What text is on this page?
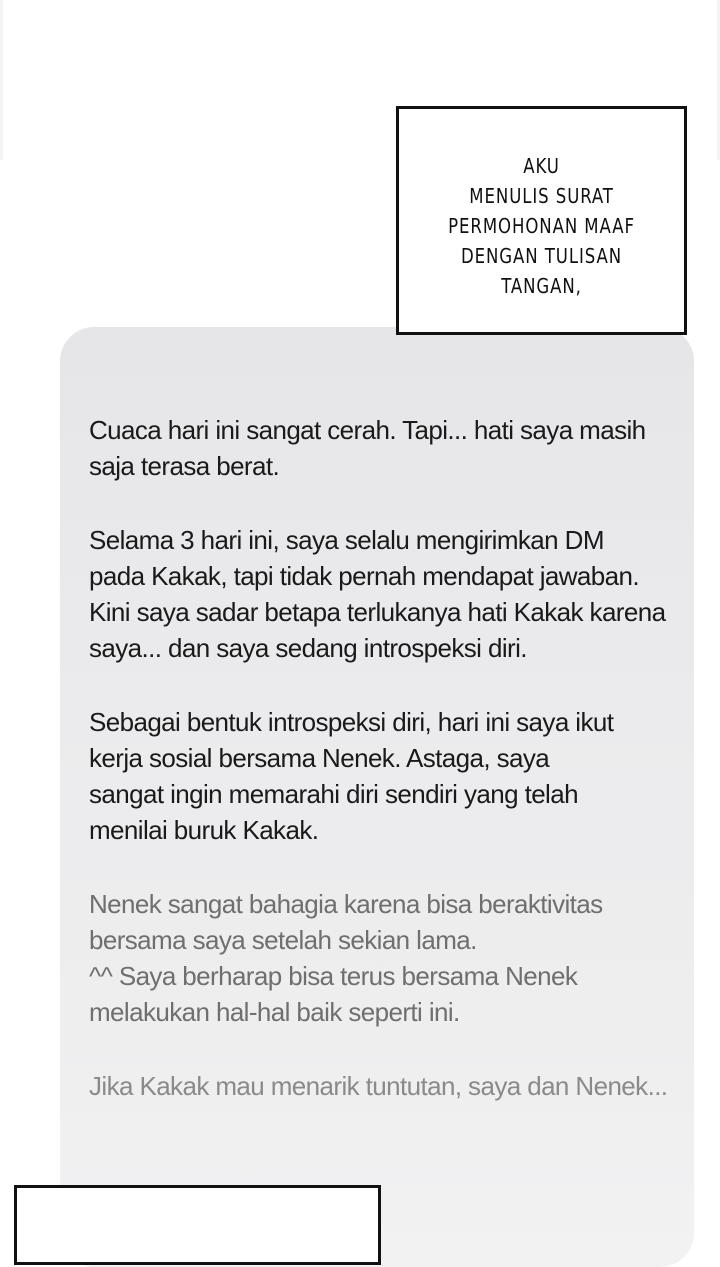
AKU
MENULIS SURAT
PERMOHONAN MAAF
DENGAN TULISAN
TANGAN,

Cuaca hari ini sangat cerah. Tapi... hati saya masih
saja terasa berat.

Selama 3 hari ini, saya selalu mengirimkan DM
pada Kakak, tapi tidak pernah mendapat jawaban.
Kini saya sadar betapa terlukanya hati Kakak karena
saya... dan saya sedang introspeksi diri.

Sebagai bentuk introspeksi diri, hari ini saya ikut
kerja sosial bersama Nenek. Astaga, saya
sangat ingin memarahi diri sendiri yang telah
menilai buruk Kakak.

Nenek sangat bahagia karena bisa beraktivitas
bersama saya setelah sekian lama.
^^ Saya berharap bisa terus bersama Nenek
melakukan hal-hal baik seperti ini.

Jika Kakak mau menarik tuntutan, saya dan Nenek...
